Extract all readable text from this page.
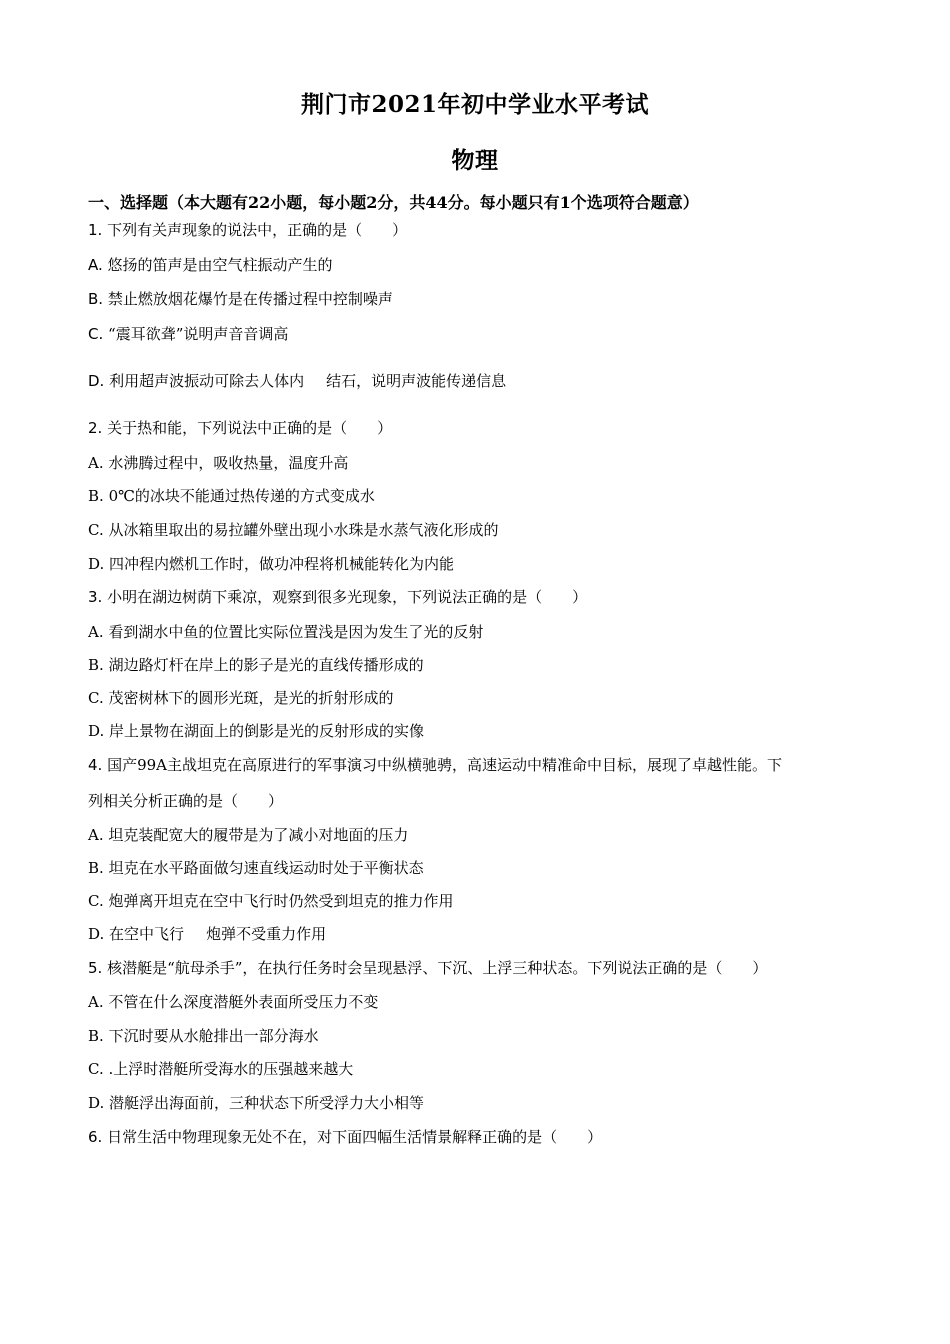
荆门市2021年初中学业水平考试
物理
一、选择题（本大题有22小题，每小题2分，共44分。每小题只有1个选项符合题意）
1. 下列有关声现象的说法中，正确的是（　　）
A. 悠扬的笛声是由空气柱振动产生的
B. 禁止燃放烟花爆竹是在传播过程中控制噪声
C. “震耳欲聋”说明声音音调高
D. 利用超声波振动可除去人体内 结石，说明声波能传递信息
2. 关于热和能，下列说法中正确的是（　　）
A. 水沸腾过程中，吸收热量，温度升高
B. 0℃的冰块不能通过热传递的方式变成水
C. 从冰箱里取出的易拉罐外壁出现小水珠是水蒸气液化形成的
D. 四冲程内燃机工作时，做功冲程将机械能转化为内能
3. 小明在湖边树荫下乘凉，观察到很多光现象，下列说法正确的是（　　）
A. 看到湖水中鱼的位置比实际位置浅是因为发生了光的反射
B. 湖边路灯杆在岸上的影子是光的直线传播形成的
C. 茂密树林下的圆形光斑，是光的折射形成的
D. 岸上景物在湖面上的倒影是光的反射形成的实像
4. 国产99A主战坦克在高原进行的军事演习中纵横驰骋，高速运动中精准命中目标，展现了卓越性能。下
列相关分析正确的是（　　）
A. 坦克装配宽大的履带是为了减小对地面的压力
B. 坦克在水平路面做匀速直线运动时处于平衡状态
C. 炮弹离开坦克在空中飞行时仍然受到坦克的推力作用
D. 在空中飞行 炮弹不受重力作用
5. 核潜艇是“航母杀手”，在执行任务时会呈现悬浮、下沉、上浮三种状态。下列说法正确的是（　　）
A. 不管在什么深度潜艇外表面所受压力不变
B. 下沉时要从水舱排出一部分海水
C. .上浮时潜艇所受海水的压强越来越大
D. 潜艇浮出海面前，三种状态下所受浮力大小相等
6. 日常生活中物理现象无处不在，对下面四幅生活情景解释正确的是（　　）
